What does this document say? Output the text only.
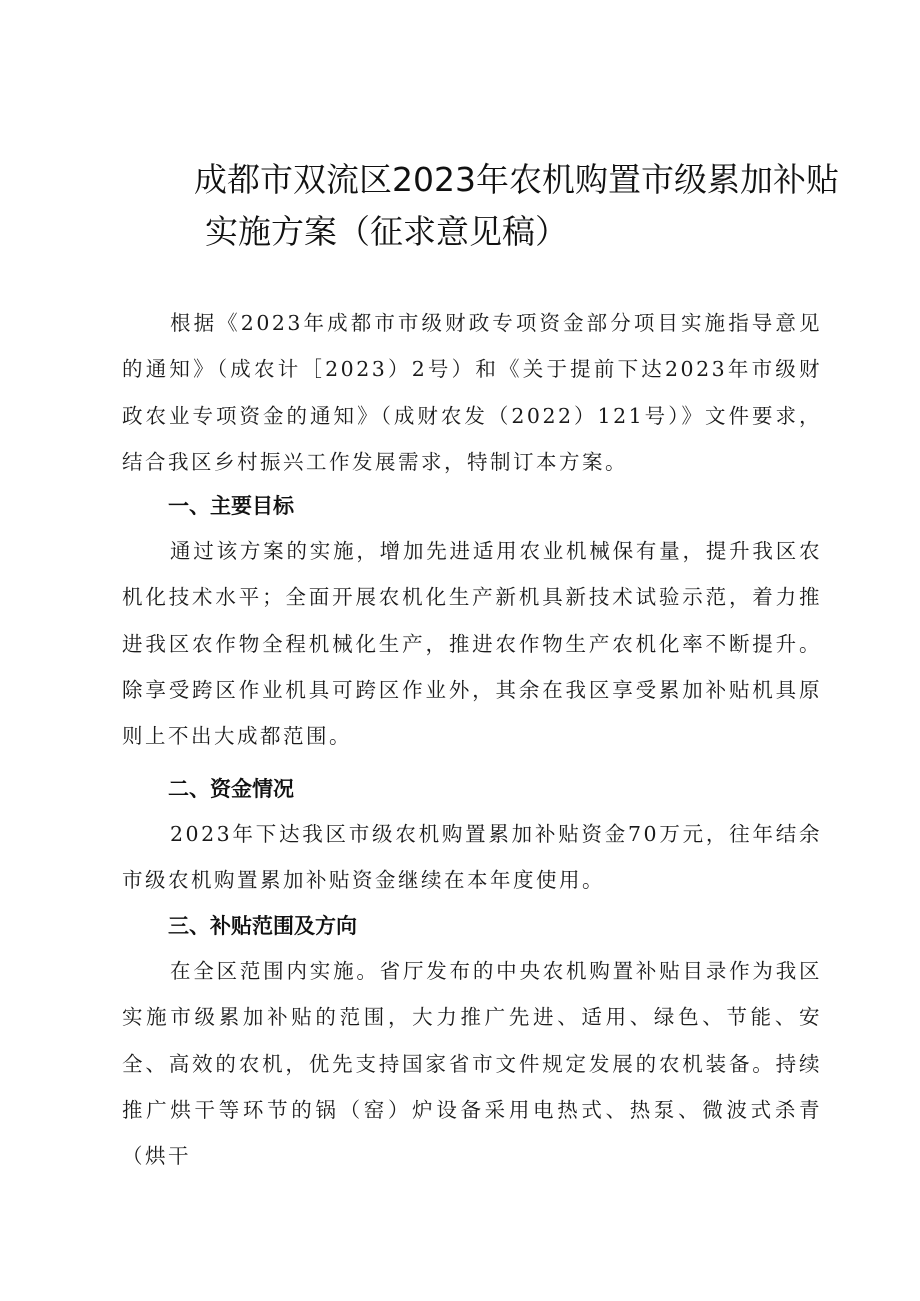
成都市双流区2023年农机购置市级累加补贴
实施方案（征求意见稿）

根据《2023年成都市市级财政专项资金部分项目实施指导意见的通知》（成农计［2023）2号）和《关于提前下达2023年市级财政农业专项资金的通知》（成财农发（2022）121号）》文件要求，结合我区乡村振兴工作发展需求，特制订本方案。

一、主要目标

通过该方案的实施，增加先进适用农业机械保有量，提升我区农机化技术水平；全面开展农机化生产新机具新技术试验示范，着力推进我区农作物全程机械化生产，推进农作物生产农机化率不断提升。除享受跨区作业机具可跨区作业外，其余在我区享受累加补贴机具原则上不出大成都范围。

二、资金情况

2023年下达我区市级农机购置累加补贴资金70万元，往年结余市级农机购置累加补贴资金继续在本年度使用。

三、补贴范围及方向

在全区范围内实施。省厅发布的中央农机购置补贴目录作为我区实施市级累加补贴的范围，大力推广先进、适用、绿色、节能、安全、高效的农机，优先支持国家省市文件规定发展的农机装备。持续推广烘干等环节的锅（窑）炉设备采用电热式、热泵、微波式杀青（烘干
